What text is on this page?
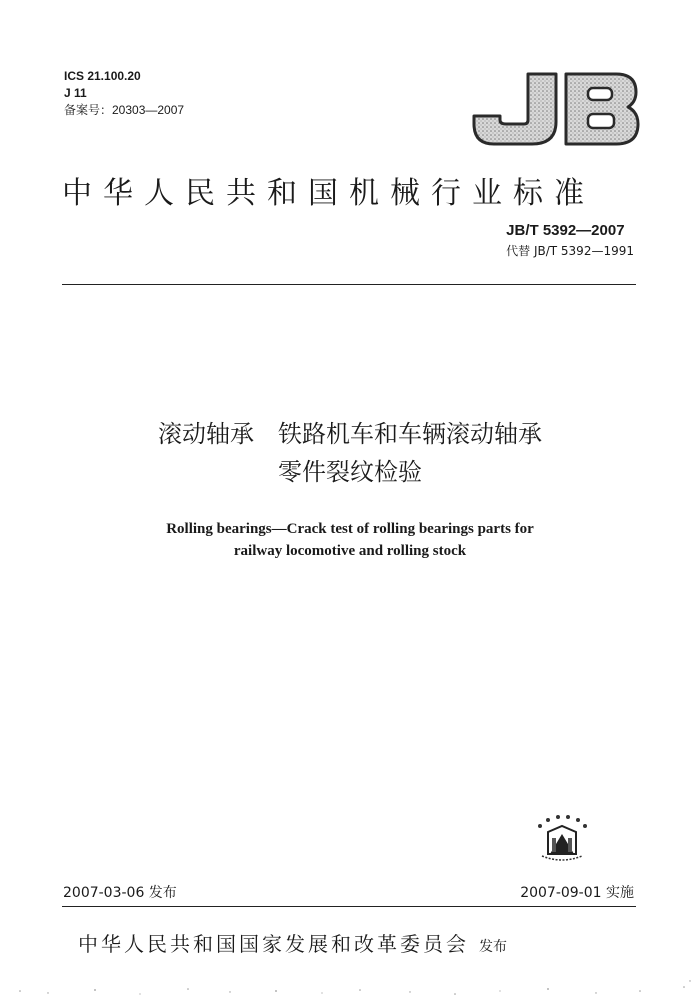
ICS 21.100.20
J 11
备案号：20303—2007
中华人民共和国机械行业标准
JB/T 5392—2007
代替 JB/T 5392—1991
滚动轴承　铁路机车和车辆滚动轴承
零件裂纹检验
Rolling bearings—Crack test of rolling bearings parts for
railway locomotive and rolling stock
2007-03-06 发布	2007-09-01 实施
中华人民共和国国家发展和改革委员会 发布
